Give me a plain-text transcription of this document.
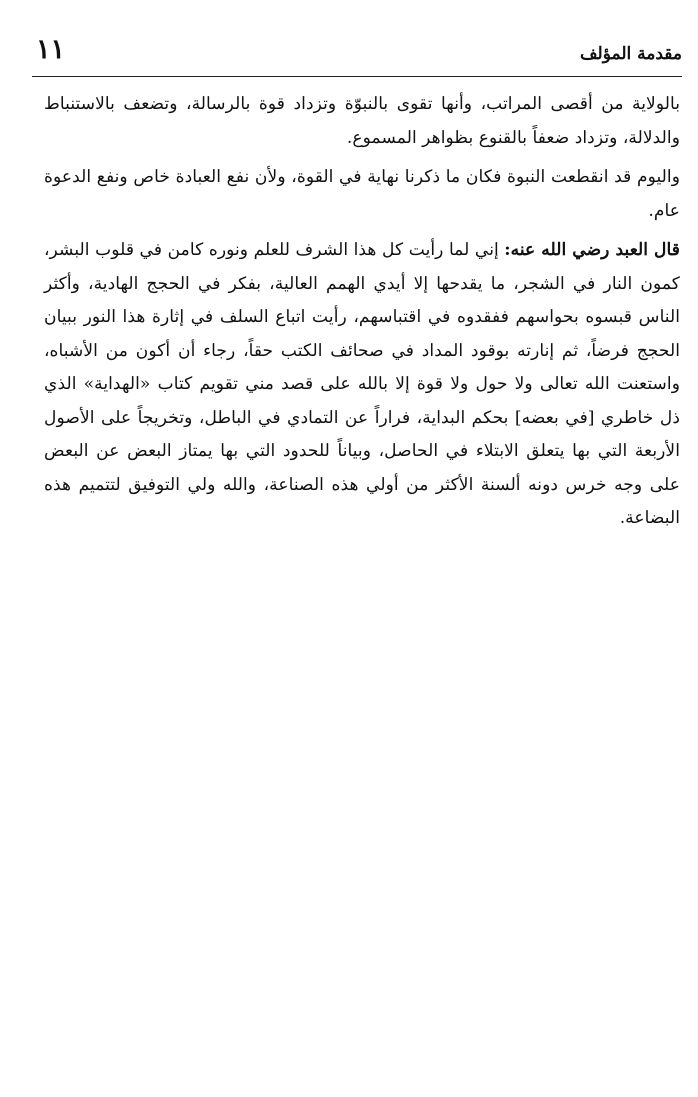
١١	مقدمة المؤلف

بالولاية من أقصى المراتب، وأنها تقوى بالنبوّة وتزداد قوة بالرسالة، وتضعف بالاستنباط والدلالة، وتزداد ضعفاً بالقنوع بظواهر المسموع.

واليوم قد انقطعت النبوة فكان ما ذكرنا نهاية في القوة، ولأن نفع العبادة خاص ونفع الدعوة عام.

قال العبد رضي الله عنه: إني لما رأيت كل هذا الشرف للعلم ونوره كامن في قلوب البشر، كمون النار في الشجر، ما يقدحها إلا أيدي الهمم العالية، بفكر في الحجج الهادية، وأكثر الناس قبسوه بحواسهم ففقدوه في اقتباسهم، رأيت اتباع السلف في إثارة هذا النور ببيان الحجج فرضاً، ثم إنارته بوقود المداد في صحائف الكتب حقاً، رجاء أن أكون من الأشباه، واستعنت الله تعالى ولا حول ولا قوة إلا بالله على قصد مني تقويم كتاب «الهداية» الذي ذل خاطري [في بعضه] بحكم البداية، فراراً عن التمادي في الباطل، وتخريجاً على الأصول الأربعة التي بها يتعلق الابتلاء في الحاصل، وبياناً للحدود التي بها يمتاز البعض عن البعض على وجه خرس دونه ألسنة الأكثر من أولي هذه الصناعة، والله ولي التوفيق لتتميم هذه البضاعة.
